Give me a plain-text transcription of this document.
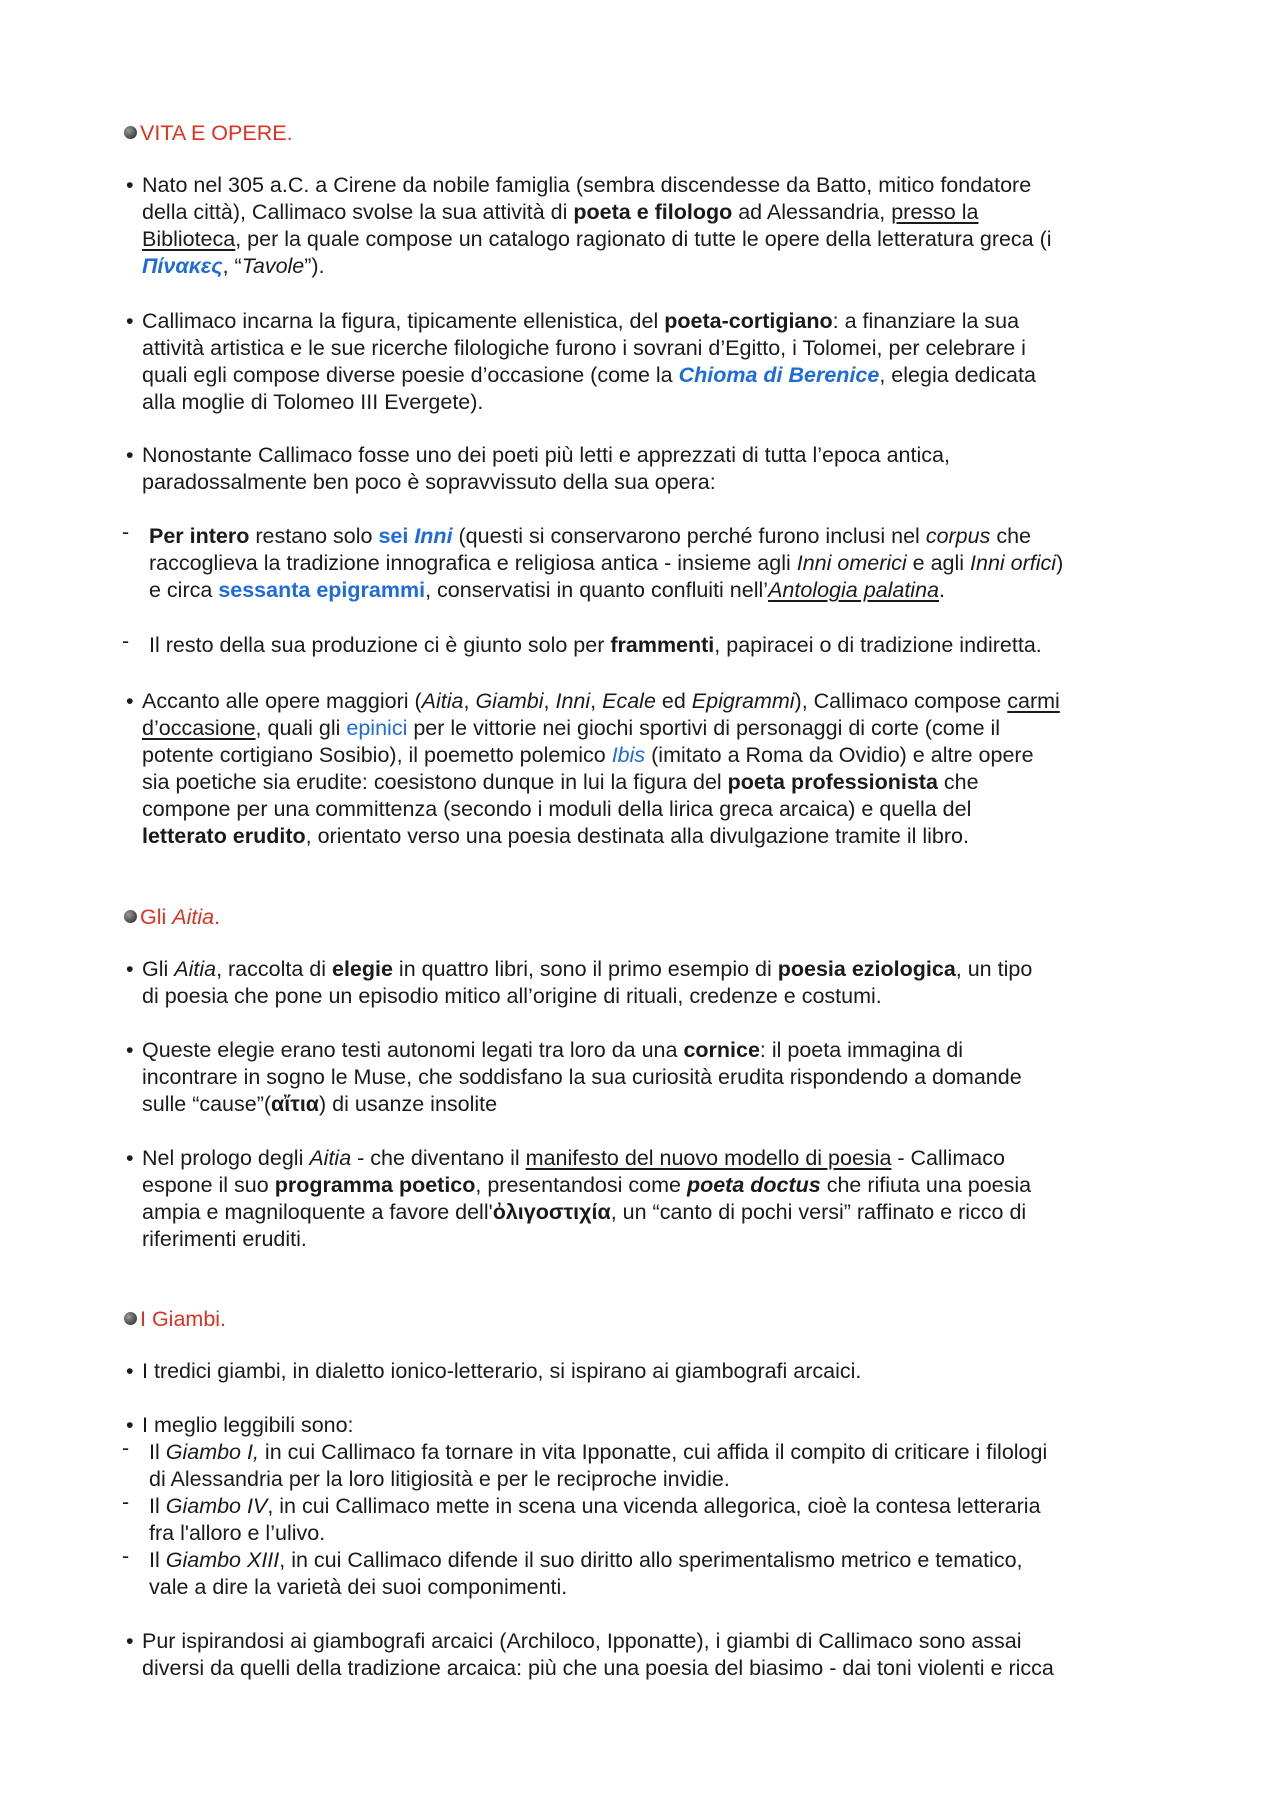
VITA E OPERE.
• Nato nel 305 a.C. a Cirene da nobile famiglia (sembra discendesse da Batto, mitico fondatore
della città), Callimaco svolse la sua attività di poeta e filologo ad Alessandria, presso la
Biblioteca, per la quale compose un catalogo ragionato di tutte le opere della letteratura greca (i
Πίνακες, “Tavole”).
• Callimaco incarna la figura, tipicamente ellenistica, del poeta-cortigiano: a finanziare la sua
attività artistica e le sue ricerche filologiche furono i sovrani d’Egitto, i Tolomei, per celebrare i
quali egli compose diverse poesie d’occasione (come la Chioma di Berenice, elegia dedicata
alla moglie di Tolomeo III Evergete).
• Nonostante Callimaco fosse uno dei poeti più letti e apprezzati di tutta l’epoca antica,
paradossalmente ben poco è sopravvissuto della sua opera:
- Per intero restano solo sei Inni (questi si conservarono perché furono inclusi nel corpus che
raccoglieva la tradizione innografica e religiosa antica - insieme agli Inni omerici e agli Inni orfici)
e circa sessanta epigrammi, conservatisi in quanto confluiti nell’Antologia palatina.
- Il resto della sua produzione ci è giunto solo per frammenti, papiracei o di tradizione indiretta.
• Accanto alle opere maggiori (Aitia, Giambi, Inni, Ecale ed Epigrammi), Callimaco compose carmi
d’occasione, quali gli epinici per le vittorie nei giochi sportivi di personaggi di corte (come il
potente cortigiano Sosibio), il poemetto polemico Ibis (imitato a Roma da Ovidio) e altre opere
sia poetiche sia erudite: coesistono dunque in lui la figura del poeta professionista che
compone per una committenza (secondo i moduli della lirica greca arcaica) e quella del
letterato erudito, orientato verso una poesia destinata alla divulgazione tramite il libro.
Gli Aitia.
• Gli Aitia, raccolta di elegie in quattro libri, sono il primo esempio di poesia eziologica, un tipo
di poesia che pone un episodio mitico all’origine di rituali, credenze e costumi.
• Queste elegie erano testi autonomi legati tra loro da una cornice: il poeta immagina di
incontrare in sogno le Muse, che soddisfano la sua curiosità erudita rispondendo a domande
sulle “cause”(αἴτια) di usanze insolite
• Nel prologo degli Aitia - che diventano il manifesto del nuovo modello di poesia - Callimaco
espone il suo programma poetico, presentandosi come poeta doctus che rifiuta una poesia
ampia e magniloquente a favore dell'ὀλιγοστιχία, un “canto di pochi versi” raffinato e ricco di
riferimenti eruditi.
I Giambi.
• I tredici giambi, in dialetto ionico-letterario, si ispirano ai giambografi arcaici.
• I meglio leggibili sono:
- Il Giambo I, in cui Callimaco fa tornare in vita Ipponatte, cui affida il compito di criticare i filologi
di Alessandria per la loro litigiosità e per le reciproche invidie.
- Il Giambo IV, in cui Callimaco mette in scena una vicenda allegorica, cioè la contesa letteraria
fra l'alloro e l’ulivo.
- Il Giambo XIII, in cui Callimaco difende il suo diritto allo sperimentalismo metrico e tematico,
vale a dire la varietà dei suoi componimenti.
• Pur ispirandosi ai giambografi arcaici (Archiloco, Ipponatte), i giambi di Callimaco sono assai
diversi da quelli della tradizione arcaica: più che una poesia del biasimo - dai toni violenti e ricca
